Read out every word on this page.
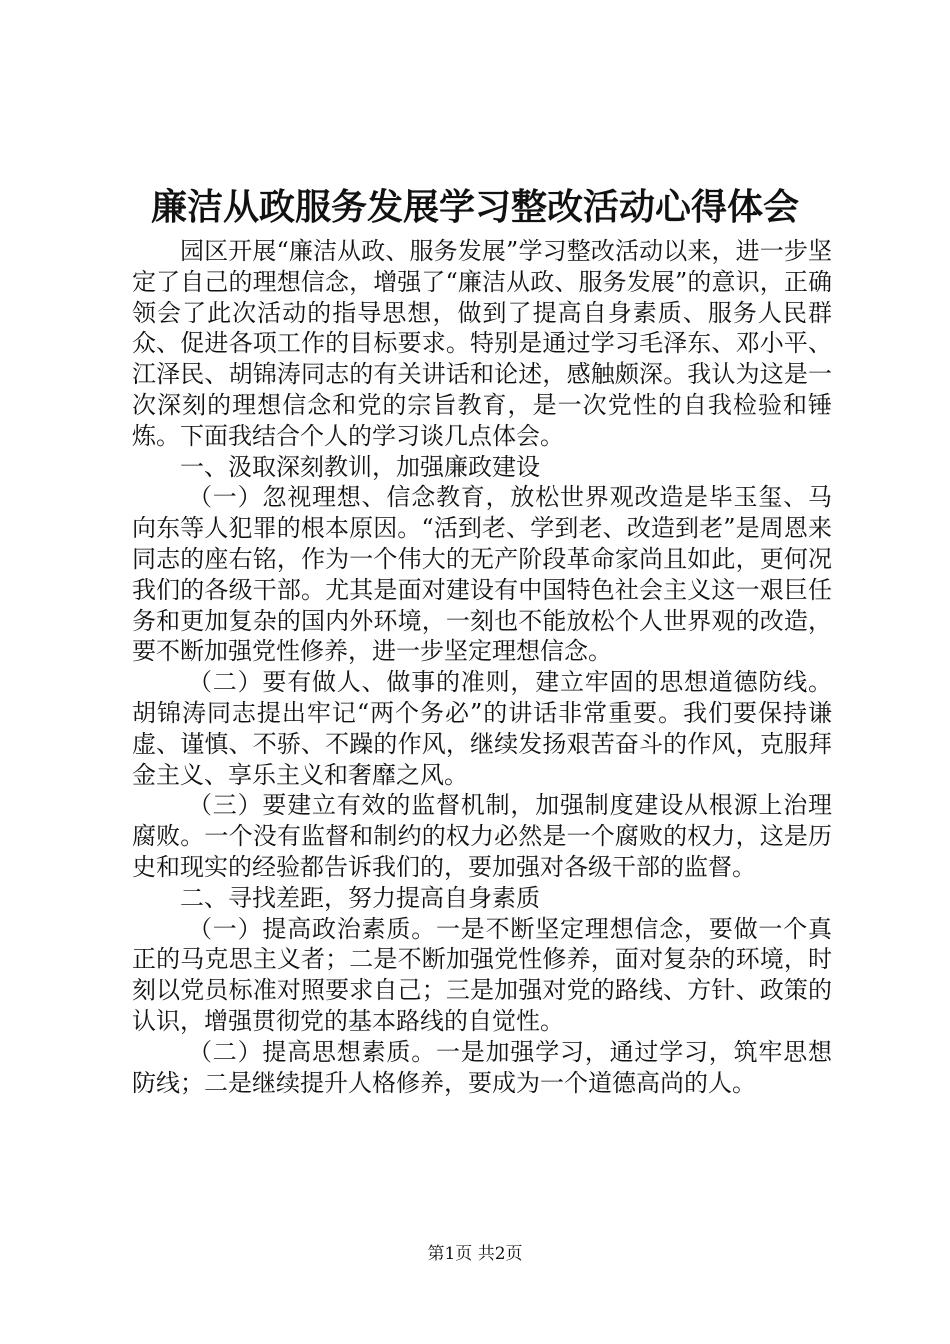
廉洁从政服务发展学习整改活动心得体会

园区开展“廉洁从政、服务发展”学习整改活动以来，进一步坚定了自己的理想信念，增强了“廉洁从政、服务发展”的意识，正确领会了此次活动的指导思想，做到了提高自身素质、服务人民群众、促进各项工作的目标要求。特别是通过学习毛泽东、邓小平、江泽民、胡锦涛同志的有关讲话和论述，感触颇深。我认为这是一次深刻的理想信念和党的宗旨教育，是一次党性的自我检验和锤炼。下面我结合个人的学习谈几点体会。

一、汲取深刻教训，加强廉政建设

（一）忽视理想、信念教育，放松世界观改造是毕玉玺、马向东等人犯罪的根本原因。“活到老、学到老、改造到老”是周恩来同志的座右铭，作为一个伟大的无产阶段革命家尚且如此，更何况我们的各级干部。尤其是面对建设有中国特色社会主义这一艰巨任务和更加复杂的国内外环境，一刻也不能放松个人世界观的改造，要不断加强党性修养，进一步坚定理想信念。

（二）要有做人、做事的准则，建立牢固的思想道德防线。胡锦涛同志提出牢记“两个务必”的讲话非常重要。我们要保持谦虚、谨慎、不骄、不躁的作风，继续发扬艰苦奋斗的作风，克服拜金主义、享乐主义和奢靡之风。

（三）要建立有效的监督机制，加强制度建设从根源上治理腐败。一个没有监督和制约的权力必然是一个腐败的权力，这是历史和现实的经验都告诉我们的，要加强对各级干部的监督。

二、寻找差距，努力提高自身素质

（一）提高政治素质。一是不断坚定理想信念，要做一个真正的马克思主义者；二是不断加强党性修养，面对复杂的环境，时刻以党员标准对照要求自己；三是加强对党的路线、方针、政策的认识，增强贯彻党的基本路线的自觉性。

（二）提高思想素质。一是加强学习，通过学习，筑牢思想防线；二是继续提升人格修养，要成为一个道德高尚的人。

第1页 共2页
